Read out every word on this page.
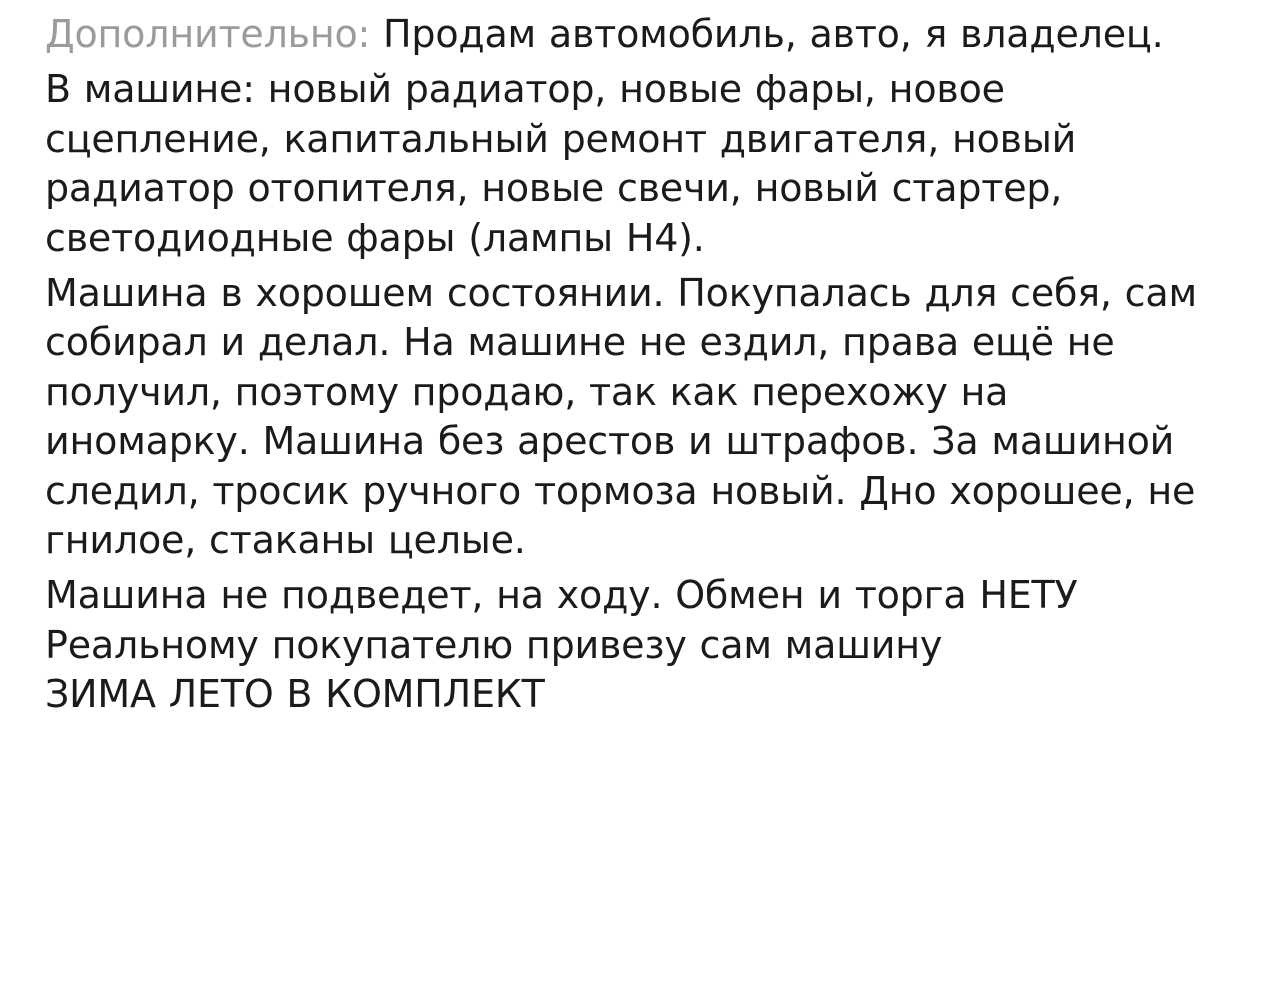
Дополнительно: Продам автомобиль, авто, я владелец.

В машине: новый радиатор, новые фары, новое сцепление, капитальный ремонт двигателя, новый радиатор отопителя, новые свечи, новый стартер, светодиодные фары (лампы H4).

Машина в хорошем состоянии. Покупалась для себя, сам собирал и делал. На машине не ездил, права ещё не получил, поэтому продаю, так как перехожу на иномарку. Машина без арестов и штрафов. За машиной следил, тросик ручного тормоза новый. Дно хорошее, не гнилое, стаканы целые.

Машина не подведет, на ходу. Обмен и торга НЕТУ
Реальному покупателю привезу сам машину
ЗИМА ЛЕТО В КОМПЛЕКТ
